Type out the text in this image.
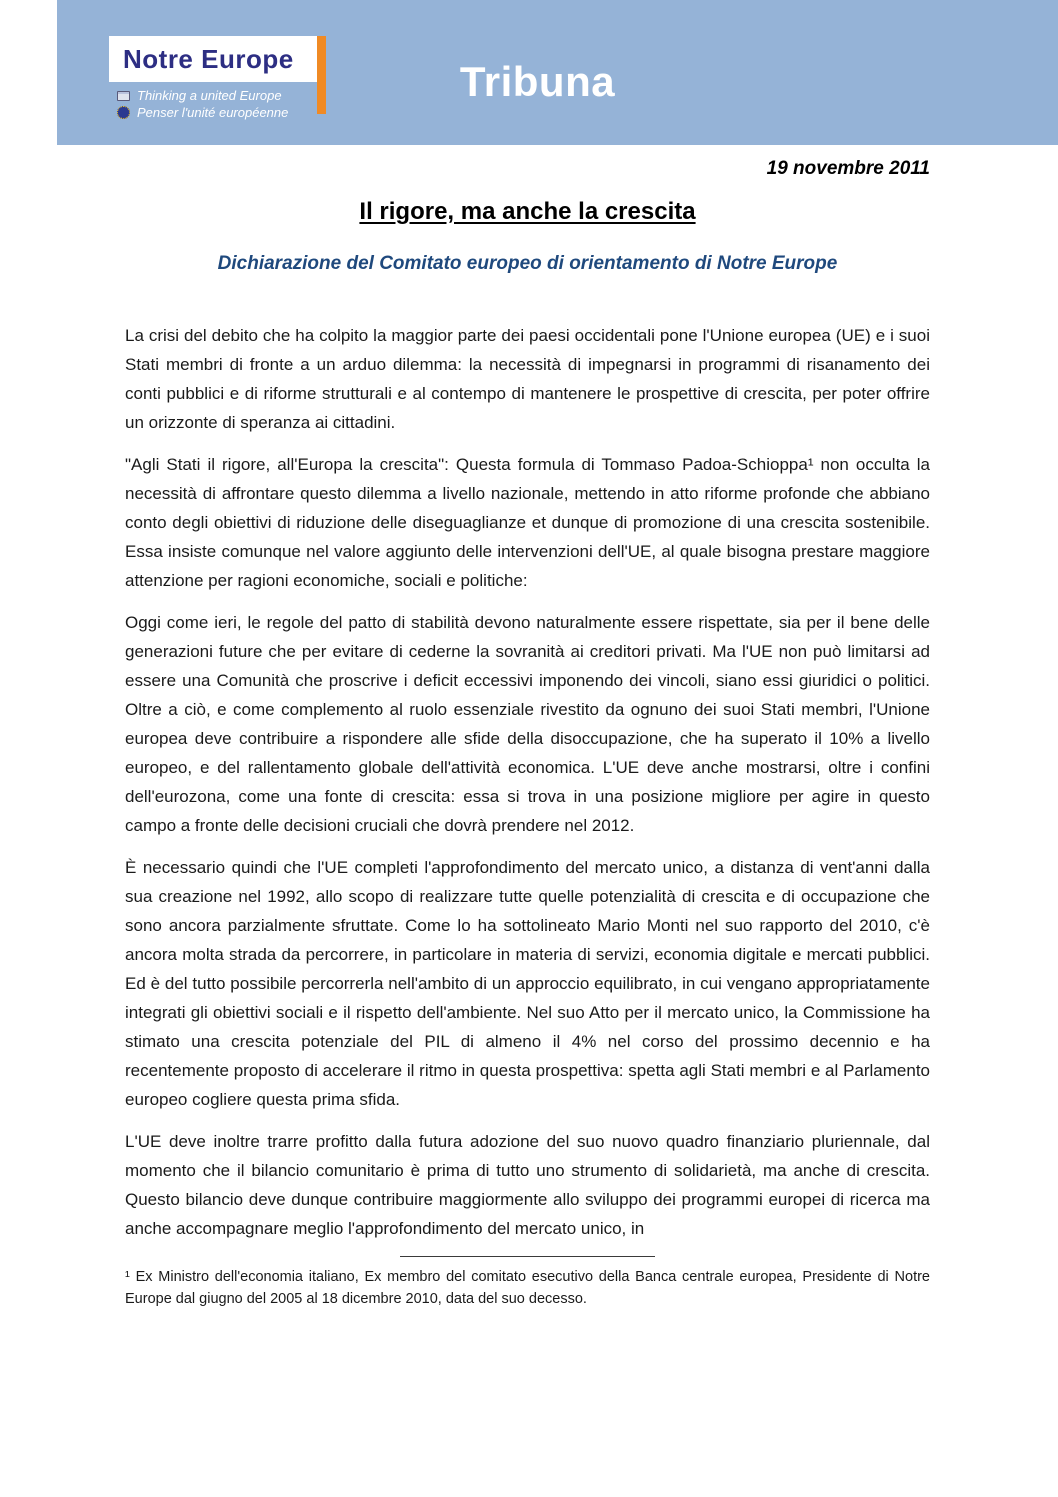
Notre Europe
Thinking a united Europe
Penser l'unité européenne
Tribuna
19 novembre 2011
Il rigore, ma anche la crescita
Dichiarazione del Comitato europeo di orientamento di Notre Europe

La crisi del debito che ha colpito la maggior parte dei paesi occidentali pone l'Unione europea (UE) e i suoi Stati membri di fronte a un arduo dilemma: la necessità di impegnarsi in programmi di risanamento dei conti pubblici e di riforme strutturali e al contempo di mantenere le prospettive di crescita, per poter offrire un orizzonte di speranza ai cittadini.

"Agli Stati il rigore, all'Europa la crescita": Questa formula di Tommaso Padoa-Schioppa¹ non occulta la necessità di affrontare questo dilemma a livello nazionale, mettendo in atto riforme profonde che abbiano conto degli obiettivi di riduzione delle diseguaglianze et dunque di promozione di una crescita sostenibile. Essa insiste comunque nel valore aggiunto delle intervenzioni dell'UE, al quale bisogna prestare maggiore attenzione per ragioni economiche, sociali e politiche:

Oggi come ieri, le regole del patto di stabilità devono naturalmente essere rispettate, sia per il bene delle generazioni future che per evitare di cederne la sovranità ai creditori privati. Ma l'UE non può limitarsi ad essere una Comunità che proscrive i deficit eccessivi imponendo dei vincoli, siano essi giuridici o politici. Oltre a ciò, e come complemento al ruolo essenziale rivestito da ognuno dei suoi Stati membri, l'Unione europea deve contribuire a rispondere alle sfide della disoccupazione, che ha superato il 10% a livello europeo, e del rallentamento globale dell'attività economica. L'UE deve anche mostrarsi, oltre i confini dell'eurozona, come una fonte di crescita: essa si trova in una posizione migliore per agire in questo campo a fronte delle decisioni cruciali che dovrà prendere nel 2012.

È necessario quindi che l'UE completi l'approfondimento del mercato unico, a distanza di vent'anni dalla sua creazione nel 1992, allo scopo di realizzare tutte quelle potenzialità di crescita e di occupazione che sono ancora parzialmente sfruttate. Come lo ha sottolineato Mario Monti nel suo rapporto del 2010, c'è ancora molta strada da percorrere, in particolare in materia di servizi, economia digitale e mercati pubblici. Ed è del tutto possibile percorrerla nell'ambito di un approccio equilibrato, in cui vengano appropriatamente integrati gli obiettivi sociali e il rispetto dell'ambiente. Nel suo Atto per il mercato unico, la Commissione ha stimato una crescita potenziale del PIL di almeno il 4% nel corso del prossimo decennio e ha recentemente proposto di accelerare il ritmo in questa prospettiva: spetta agli Stati membri e al Parlamento europeo cogliere questa prima sfida.

L'UE deve inoltre trarre profitto dalla futura adozione del suo nuovo quadro finanziario pluriennale, dal momento che il bilancio comunitario è prima di tutto uno strumento di solidarietà, ma anche di crescita. Questo bilancio deve dunque contribuire maggiormente allo sviluppo dei programmi europei di ricerca ma anche accompagnare meglio l'approfondimento del mercato unico, in

¹ Ex Ministro dell'economia italiano, Ex membro del comitato esecutivo della Banca centrale europea, Presidente di Notre Europe dal giugno del 2005 al 18 dicembre 2010, data del suo decesso.
